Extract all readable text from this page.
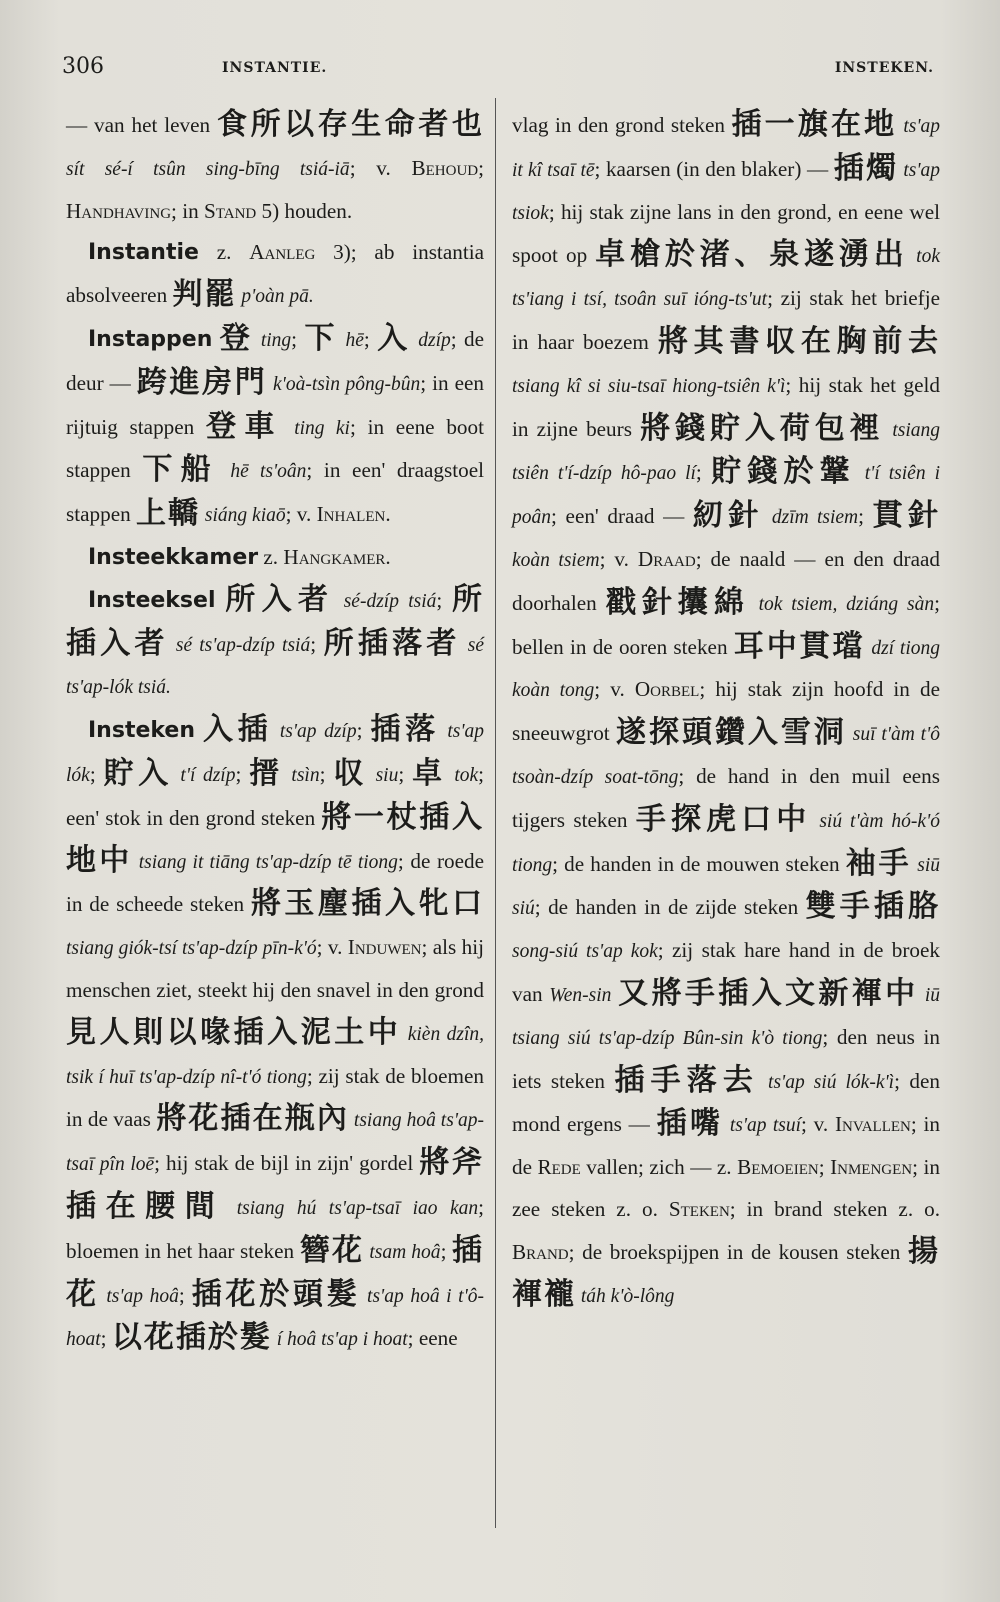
306	INSTANTIE.	INSTEKEN.

— van het leven 食所以存生命者也 sít sé-í tsûn sing-bīng tsiá-iā; v. Behoud; Handhaving; in Stand 5) houden.

Instantie z. Aanleg 3); ab instantia absolveeren 判罷 p'oàn pā.

Instappen 登 ting; 下 hē; 入 dzíp; de deur — 跨進房門 k'oà-tsìn pông-bûn; in een rijtuig stappen 登車 ting ki; in eene boot stappen 下船 hē ts'oân; in een' draagstoel stappen 上轎 siáng kiaō; v. Inhalen.

Insteekkamer z. Hangkamer.

Insteeksel 所入者 sé-dzíp tsiá; 所插入者 sé ts'ap-dzíp tsiá; 所插落者 sé ts'ap-lók tsiá.

Insteken 入插 ts'ap dzíp; 插落 ts'ap lók; 貯入 t'í dzíp; 搢 tsìn; 収 siu; 卓 tok; een' stok in den grond steken 將一杖插入地中 tsiang it tiāng ts'ap-dzíp tē tiong; de roede in de scheede steken 將玉麈插入牝口 tsiang giók-tsí ts'ap-dzíp pīn-k'ó; v. Induwen; als hij menschen ziet, steekt hij den snavel in den grond 見人則以喙插入泥土中 kièn dzîn, tsik í huī ts'ap-dzíp nî-t'ó tiong; zij stak de bloemen in de vaas 將花插在瓶內 tsiang hoâ ts'ap-tsaī pîn loē; hij stak de bijl in zijn' gordel 將斧插在腰間 tsiang hú ts'ap-tsaī iao kan; bloemen in het haar steken 簪花 tsam hoâ; 插花 ts'ap hoâ; 插花於頭髮 ts'ap hoâ i t'ô-hoat; 以花插於髮 í hoâ ts'ap i hoat; eene

vlag in den grond steken 插一旗在地 ts'ap it kî tsaī tē; kaarsen (in den blaker) — 插燭 ts'ap tsiok; hij stak zijne lans in den grond, en eene wel spoot op 卓槍於渚、泉遂湧出 tok ts'iang i tsí, tsoân suī ióng-ts'ut; zij stak het briefje in haar boezem 將其書収在胸前去 tsiang kî si siu-tsaī hiong-tsiên k'ì; hij stak het geld in zijne beurs 將錢貯入荷包裡 tsiang tsiên t'í-dzíp hô-pao lí; 貯錢於鞶 t'í tsiên i poân; een' draad — 紉針 dzīm tsiem; 貫針 koàn tsiem; v. Draad; de naald — en den draad doorhalen 戳針攮綿 tok tsiem, dziáng sàn; bellen in de ooren steken 耳中貫璫 dzí tiong koàn tong; v. Oorbel; hij stak zijn hoofd in de sneeuwgrot 遂探頭鑽入雪洞 suī t'àm t'ô tsoàn-dzíp soat-tōng; de hand in den muil eens tijgers steken 手探虎口中 siú t'àm hó-k'ó tiong; de handen in de mouwen steken 袖手 siū siú; de handen in de zijde steken 雙手插胳 song-siú ts'ap kok; zij stak hare hand in de broek van Wen-sin 又將手插入文新褌中 iū tsiang siú ts'ap-dzíp Bûn-sin k'ò tiong; den neus in iets steken 插手落去 ts'ap siú lók-k'ì; den mond ergens — 插嘴 ts'ap tsuí; v. Invallen; in de Rede vallen; zich — z. Bemoeien; Inmengen; in zee steken z. o. Steken; in brand steken z. o. Brand; de broekspijpen in de kousen steken 揚褌襱 táh k'ò-lông
